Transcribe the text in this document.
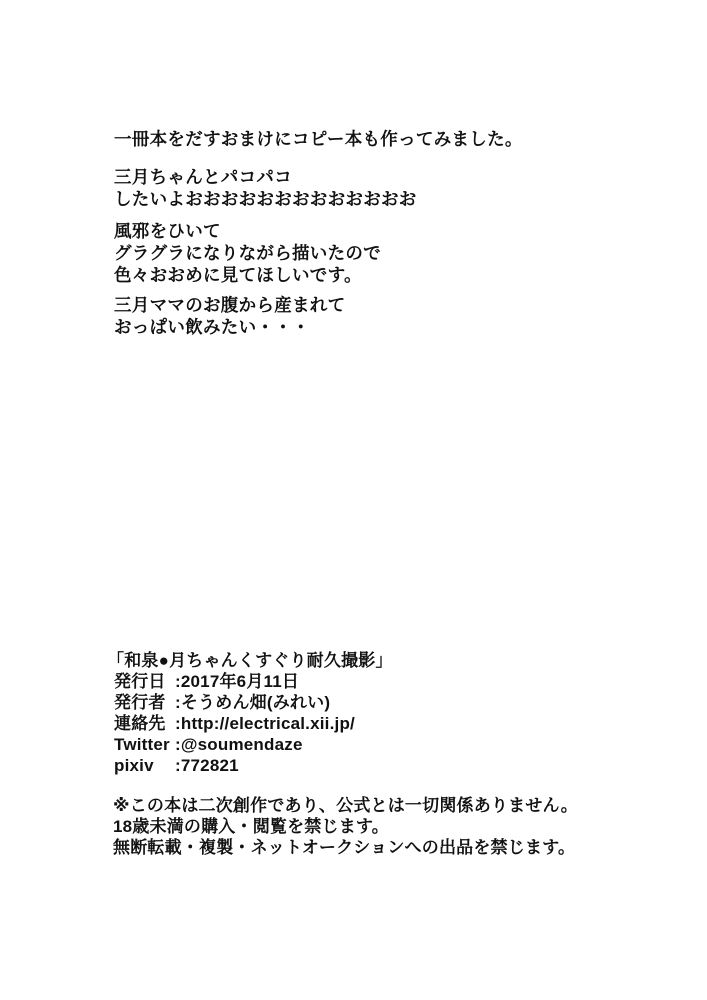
一冊本をだすおまけにコピー本も作ってみました。
三月ちゃんとパコパコ
したいよおおおおおおおおおおおおお
風邪をひいて
グラグラになりながら描いたので
色々おおめに見てほしいです。
三月ママのお腹から産まれて
おっぱい飲みたい・・・
「和泉●月ちゃんくすぐり耐久撮影」
発行日 :2017年6月11日
発行者 :そうめん畑(みれい)
連絡先 :http://electrical.xii.jp/
Twitter :@soumendaze
pixiv	:772821
※この本は二次創作であり、公式とは一切関係ありません。
18歳未満の購入・閲覧を禁じます。
無断転載・複製・ネットオークションへの出品を禁じます。
